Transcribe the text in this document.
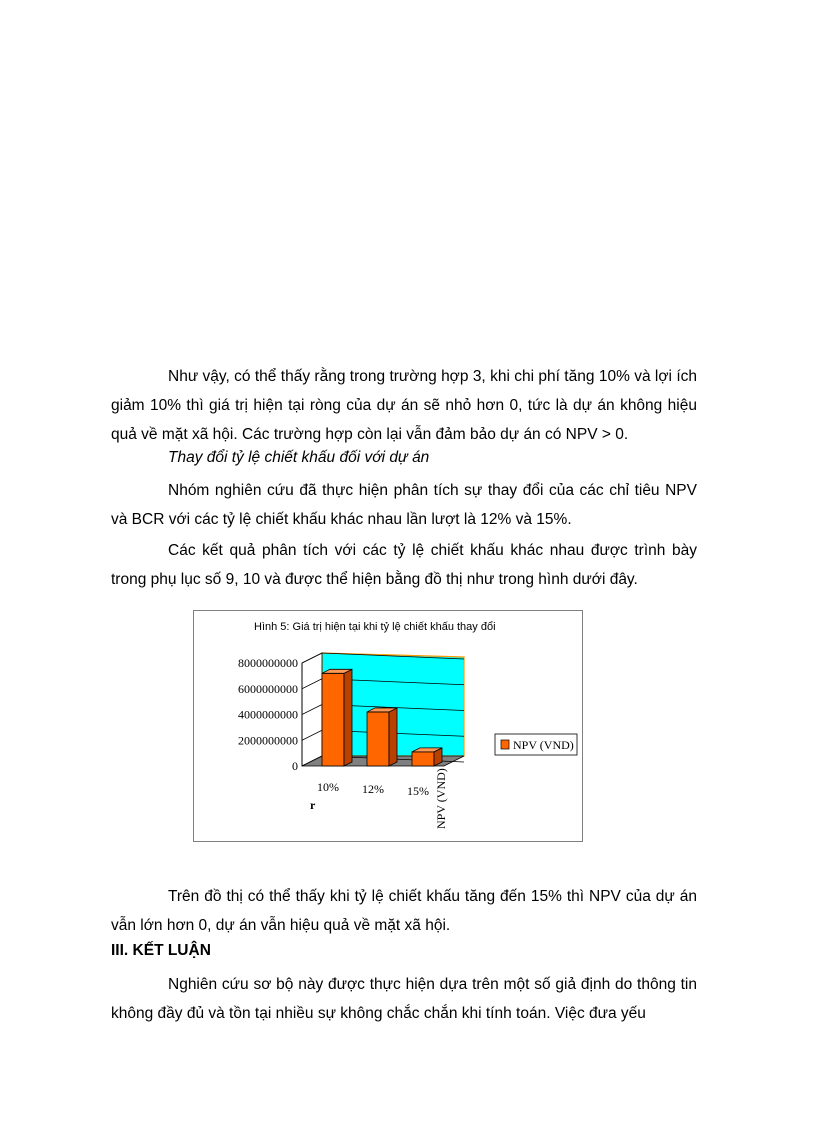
Như vậy, có thể thấy rằng trong trường hợp 3, khi chi phí tăng 10% và lợi ích giảm 10% thì giá trị hiện tại ròng của dự án sẽ nhỏ hơn 0, tức là dự án không hiệu quả về mặt xã hội. Các trường hợp còn lại vẫn đảm bảo dự án có NPV > 0.

Thay đổi tỷ lệ chiết khấu đối với dự án

Nhóm nghiên cứu đã thực hiện phân tích sự thay đổi của các chỉ tiêu NPV và BCR với các tỷ lệ chiết khấu khác nhau lần lượt là 12% và 15%.

Các kết quả phân tích với các tỷ lệ chiết khấu khác nhau được trình bày trong phụ lục số 9, 10 và được thể hiện bằng đồ thị như trong hình dưới đây.

Hình 5: Giá trị hiện tại khi tỷ lệ chiết khấu thay đổi
8000000000
6000000000
4000000000
2000000000
0
10% 12% 15%
r	NPV (VND)
NPV (VND)

Trên đồ thị có thể thấy khi tỷ lệ chiết khấu tăng đến 15% thì NPV của dự án vẫn lớn hơn 0, dự án vẫn hiệu quả về mặt xã hội.

III. KẾT LUẬN

Nghiên cứu sơ bộ này được thực hiện dựa trên một số giả định do thông tin không đầy đủ và tồn tại nhiều sự không chắc chắn khi tính toán. Việc đưa yếu
